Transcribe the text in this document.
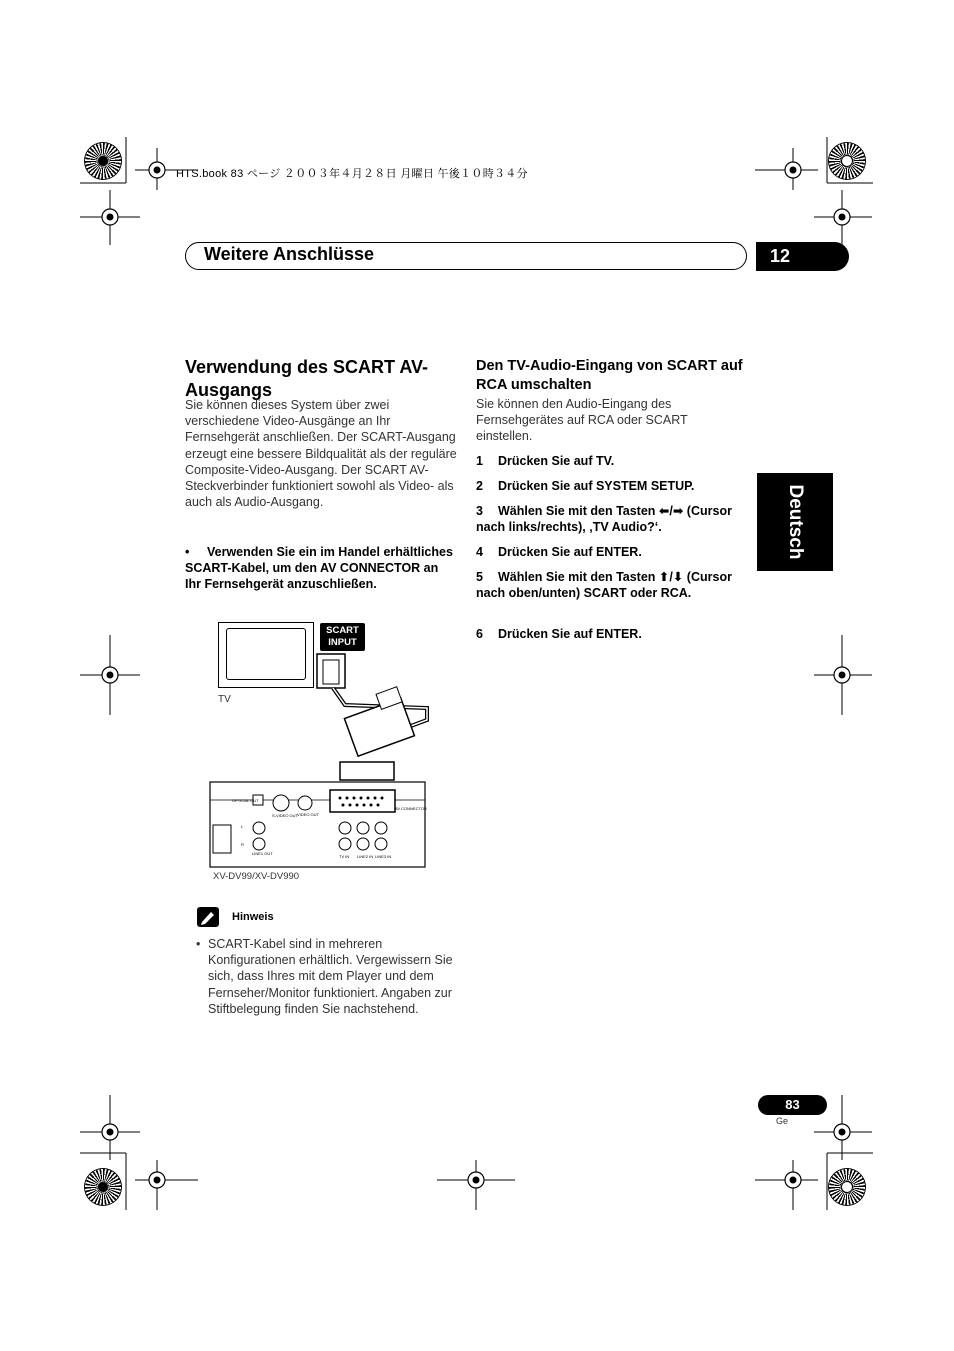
HTS.book 83 ページ ２００３年４月２８日 月曜日 午後１０時３４分
Weitere Anschlüsse	12
Deutsch
Verwendung des SCART AV-Ausgangs

Sie können dieses System über zwei verschiedene Video-Ausgänge an Ihr Fernsehgerät anschließen. Der SCART-Ausgang erzeugt eine bessere Bildqualität als der reguläre Composite-Video-Ausgang. Der SCART AV-Steckverbinder funktioniert sowohl als Video- als auch als Audio-Ausgang.

• Verwenden Sie ein im Handel erhältliches SCART-Kabel, um den AV CONNECTOR an Ihr Fernsehgerät anzuschließen.
SCART INPUT
TV
OPTICAL OUT
S-VIDEO OUT
VIDEO OUT
AV CONNECTOR
LINE1 OUT
TV IN LINE2 IN LINE3 IN
L
R
XV-DV99/XV-DV990
Hinweis
• SCART-Kabel sind in mehreren Konfigurationen erhältlich. Vergewissern Sie sich, dass Ihres mit dem Player und dem Fernseher/Monitor funktioniert. Angaben zur Stiftbelegung finden Sie nachstehend.
Den TV-Audio-Eingang von SCART auf RCA umschalten

Sie können den Audio-Eingang des Fernsehgerätes auf RCA oder SCART einstellen.

1 Drücken Sie auf TV.
2 Drücken Sie auf SYSTEM SETUP.
3 Wählen Sie mit den Tasten ⬅/➡ (Cursor nach links/rechts), ‚TV Audio?‘.
4 Drücken Sie auf ENTER.
5 Wählen Sie mit den Tasten ⬆/⬇ (Cursor nach oben/unten) SCART oder RCA.
6 Drücken Sie auf ENTER.
83
Ge
